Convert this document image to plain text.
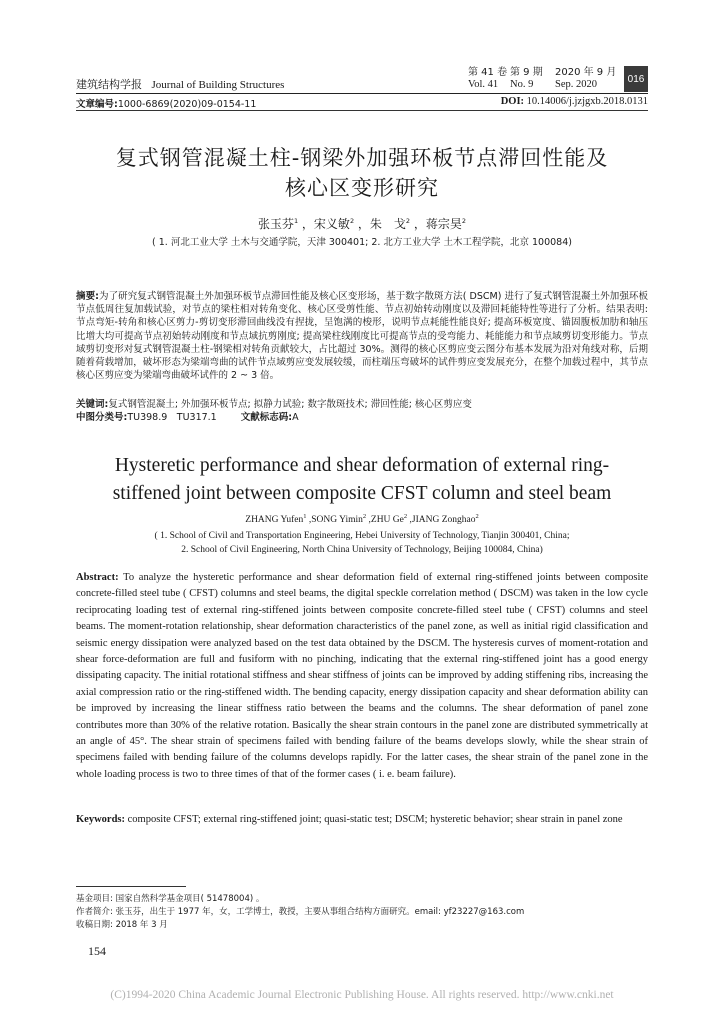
建筑结构学报 Journal of Building Structures
第 41 卷 第 9 期	2020 年 9 月
Vol. 41	No. 9	Sep. 2020	016
文章编号:1000-6869(2020)09-0154-11	DOI: 10.14006/j.jzjgxb.2018.0131
复式钢管混凝土柱-钢梁外加强环板节点滞回性能及
核心区变形研究
张玉芬$^1$ ，宋义敏$^2$ ，朱　戈$^2$ ，蒋宗昊$^2$
( 1. 河北工业大学 土木与交通学院，天津 300401; 2. 北方工业大学 土木工程学院，北京 100084)
摘要:为了研究复式钢管混凝土外加强环板节点滞回性能及核心区变形场，基于数字散斑方法( DSCM) 进行了复式钢管混凝土外加强环板节点低周往复加载试验，对节点的梁柱相对转角变化、核心区受剪性能、节点初始转动刚度以及滞回耗能特性等进行了分析。结果表明: 节点弯矩-转角和核心区剪力-剪切变形滞回曲线没有捏拢，呈饱满的梭形，说明节点耗能性能良好; 提高环板宽度、锚固腹板加肋和轴压比增大均可提高节点初始转动刚度和节点域抗剪刚度; 提高梁柱线刚度比可提高节点的受弯能力、耗能能力和节点域剪切变形能力。节点域剪切变形对复式钢管混凝土柱-钢梁相对转角贡献较大，占比超过 30%。测得的核心区剪应变云图分布基本发展为沿对角线对称，后期随着荷载增加，破坏形态为梁端弯曲的试件节点域剪应变发展较缓，而柱端压弯破坏的试件剪应变发展充分，在整个加载过程中，其节点核心区剪应变为梁端弯曲破坏试件的 2 ~ 3 倍。
关键词:复式钢管混凝土; 外加强环板节点; 拟静力试验; 数字散斑技术; 滞回性能; 核心区剪应变
中图分类号:TU398.9　TU317.1	文献标志码:A
Hysteretic performance and shear deformation of external ring-
stiffened joint between composite CFST column and steel beam
ZHANG Yufen$^1$ ,SONG Yimin$^2$ ,ZHU Ge$^2$ ,JIANG Zonghao$^2$
( 1. School of Civil and Transportation Engineering, Hebei University of Technology, Tianjin 300401, China;
2. School of Civil Engineering, North China University of Technology, Beijing 100084, China)
Abstract: To analyze the hysteretic performance and shear deformation field of external ring-stiffened joints between composite concrete-filled steel tube ( CFST) columns and steel beams, the digital speckle correlation method ( DSCM) was taken in the low cycle reciprocating loading test of external ring-stiffened joints between composite concrete-filled steel tube ( CFST) columns and steel beams. The moment-rotation relationship, shear deformation characteristics of the panel zone, as well as initial rigid classification and seismic energy dissipation were analyzed based on the test data obtained by the DSCM. The hysteresis curves of moment-rotation and shear force-deformation are full and fusiform with no pinching, indicating that the external ring-stiffened joint has a good energy dissipating capacity. The initial rotational stiffness and shear stiffness of joints can be improved by adding stiffening ribs, increasing the axial compression ratio or the ring-stiffened width. The bending capacity, energy dissipation capacity and shear deformation ability can be improved by increasing the linear stiffness ratio between the beams and the columns. The shear deformation of panel zone contributes more than 30% of the relative rotation. Basically the shear strain contours in the panel zone are distributed symmetrically at an angle of 45°. The shear strain of specimens failed with bending failure of the beams develops slowly, while the shear strain of specimens failed with bending failure of the columns develops rapidly. For the latter cases, the shear strain of the panel zone in the whole loading process is two to three times of that of the former cases ( i. e. beam failure).
Keywords: composite CFST; external ring-stiffened joint; quasi-static test; DSCM; hysteretic behavior; shear strain in panel zone
基金项目: 国家自然科学基金项目( 51478004) 。
作者简介: 张玉芬，出生于 1977 年，女，工学博士，教授，主要从事组合结构方面研究。email: yf23227@163.com
收稿日期: 2018 年 3 月
154
(C)1994-2020 China Academic Journal Electronic Publishing House. All rights reserved. http://www.cnki.net
